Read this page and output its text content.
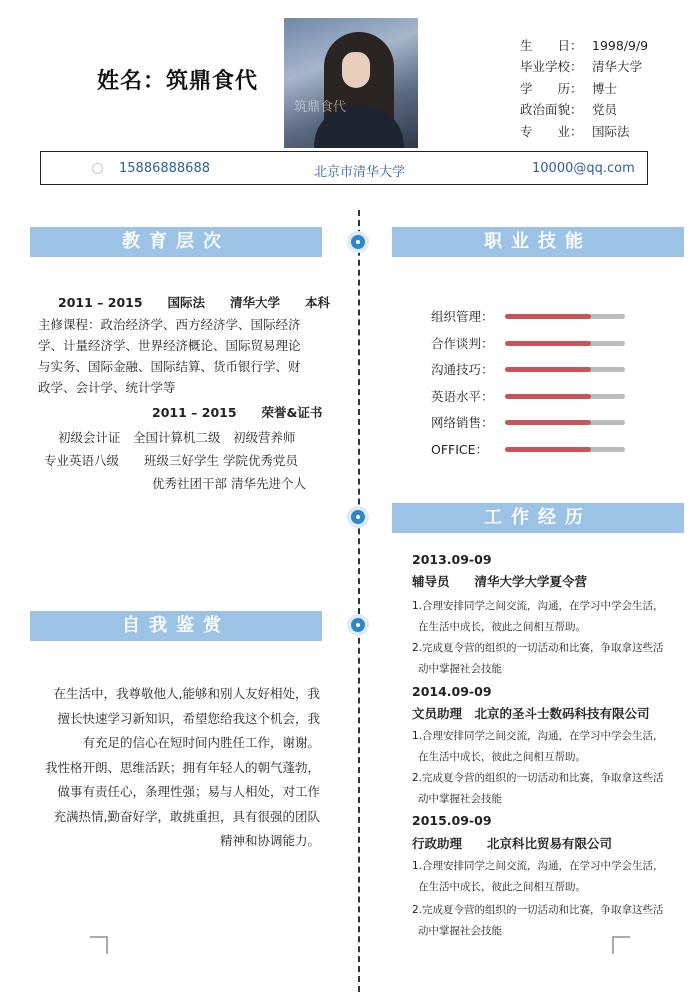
姓名：筑鼎食代
筑鼎食代
生　　日： 1998/9/9
毕业学校： 清华大学
学　　历： 博士
政治面貌： 党员
专　　业： 国际法
15886888688	北京市清华大学	10000@qq.com
教育层次
2011 – 2015　　国际法　　清华大学　　本科
主修课程：政治经济学、西方经济学、国际经济
学、计量经济学、世界经济概论、国际贸易理论
与实务、国际金融、国际结算、货币银行学、财
政学、会计学、统计学等
2011 – 2015　　荣誉&证书
初级会计证　全国计算机二级　初级营养师
专业英语八级　　班级三好学生 学院优秀党员
优秀社团干部 清华先进个人
职业技能
组织管理：
合作谈判：
沟通技巧：
英语水平：
网络销售：
OFFICE：
工作经历
2013.09-09
辅导员　　清华大学大学夏令营
1.合理安排同学之间交流，沟通，在学习中学会生活，
在生活中成长，彼此之间相互帮助。
2.完成夏令营的组织的一切活动和比赛，争取拿这些活
动中掌握社会技能
2014.09-09
文员助理　北京的圣斗士数码科技有限公司
1.合理安排同学之间交流，沟通，在学习中学会生活，
在生活中成长，彼此之间相互帮助。
2.完成夏令营的组织的一切活动和比赛，争取拿这些活
动中掌握社会技能
2015.09-09
行政助理　　北京科比贸易有限公司
1.合理安排同学之间交流，沟通，在学习中学会生活，
在生活中成长，彼此之间相互帮助。
2.完成夏令营的组织的一切活动和比赛，争取拿这些活
动中掌握社会技能
自我鉴赏
在生活中，我尊敬他人,能够和别人友好相处，我
擅长快速学习新知识，希望您给我这个机会，我
有充足的信心在短时间内胜任工作，谢谢。
我性格开朗、思维活跃；拥有年轻人的朝气蓬勃，
做事有责任心，条理性强；易与人相处，对工作
充满热情,勤奋好学，敢挑重担，具有很强的团队
精神和协调能力。
